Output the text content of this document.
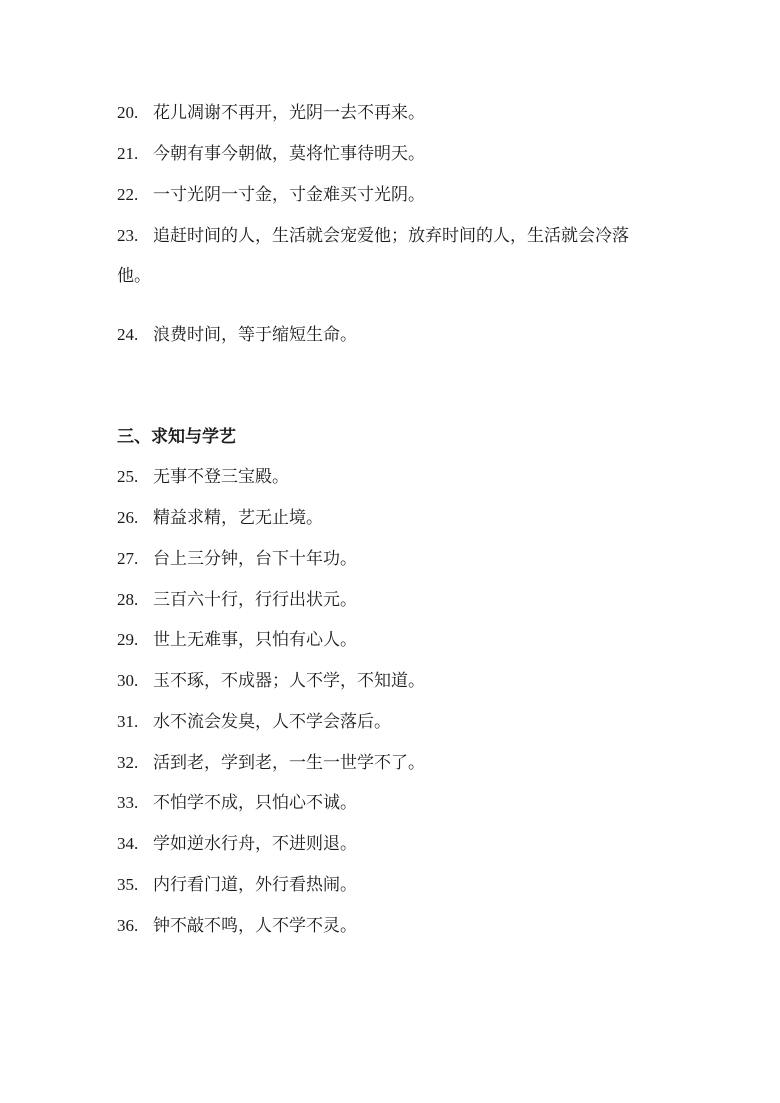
20. 花儿凋谢不再开，光阴一去不再来。
21. 今朝有事今朝做，莫将忙事待明天。
22. 一寸光阴一寸金，寸金难买寸光阴。
23. 追赶时间的人，生活就会宠爱他；放弃时间的人，生活就会冷落
他。
24. 浪费时间，等于缩短生命。
三、求知与学艺
25. 无事不登三宝殿。
26. 精益求精，艺无止境。
27. 台上三分钟，台下十年功。
28. 三百六十行，行行出状元。
29. 世上无难事，只怕有心人。
30. 玉不琢，不成器；人不学，不知道。
31. 水不流会发臭，人不学会落后。
32. 活到老，学到老，一生一世学不了。
33. 不怕学不成，只怕心不诚。
34. 学如逆水行舟，不进则退。
35. 内行看门道，外行看热闹。
36. 钟不敲不鸣，人不学不灵。
